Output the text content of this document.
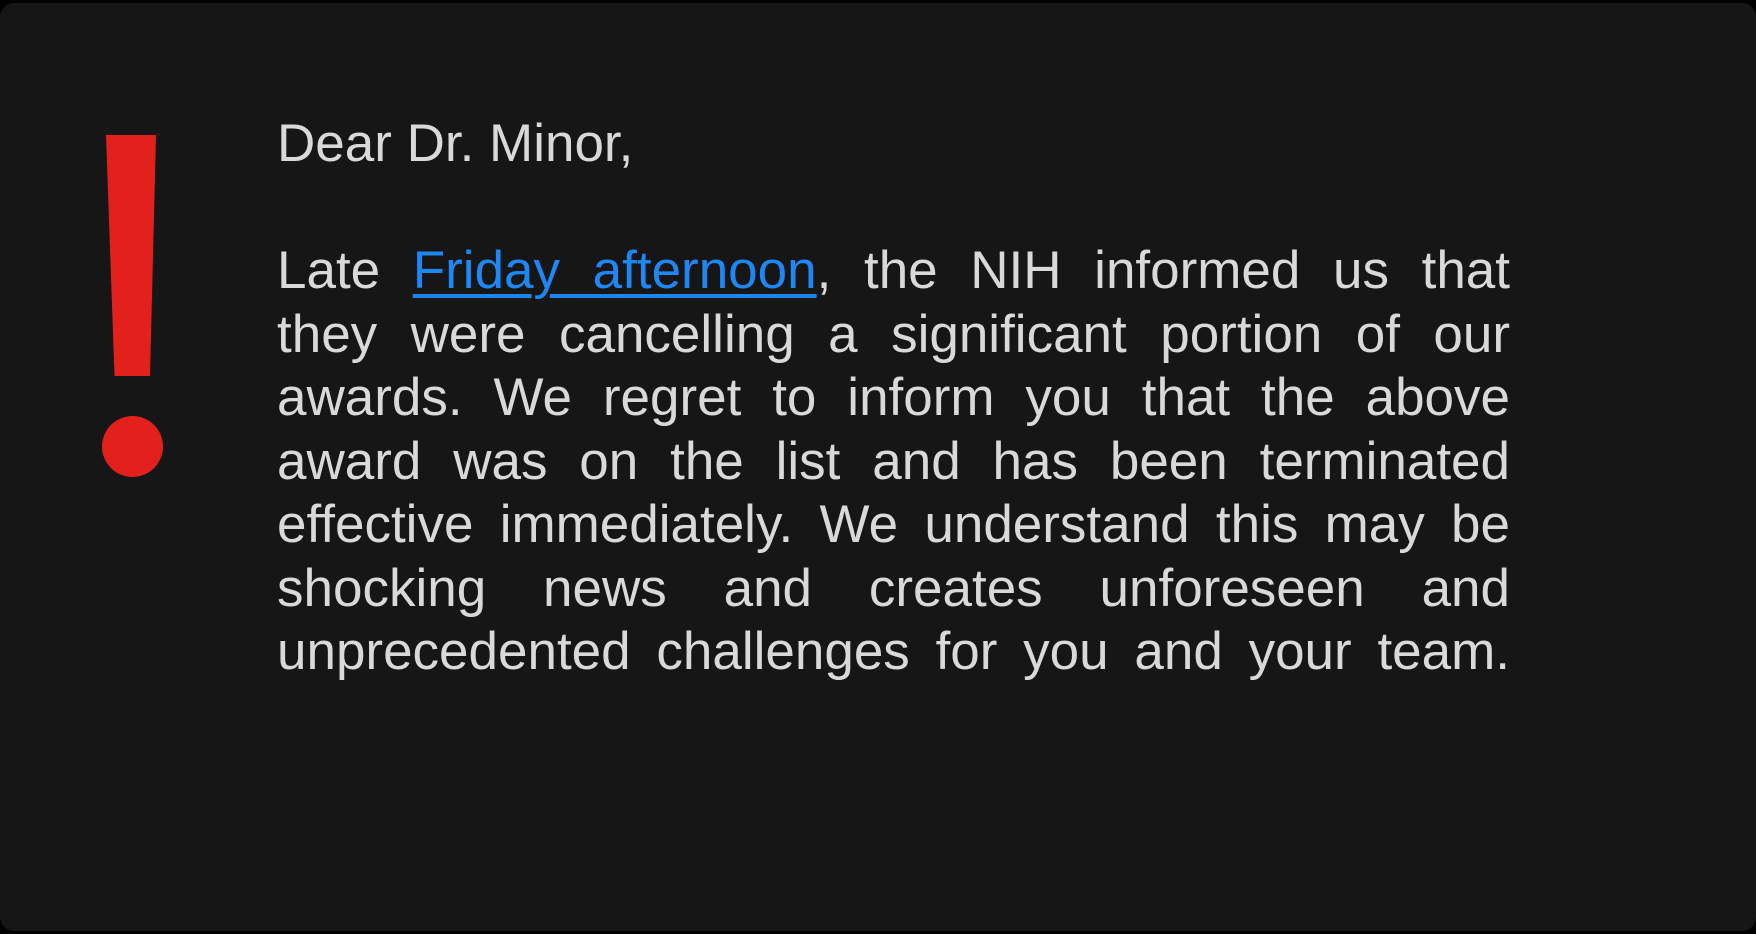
Dear Dr. Minor,
Late Friday afternoon, the NIH informed us that
they were cancelling a significant portion of our
awards. We regret to inform you that the above
award was on the list and has been terminated
effective immediately. We understand this may be
shocking news and creates unforeseen and
unprecedented challenges for you and your team.
